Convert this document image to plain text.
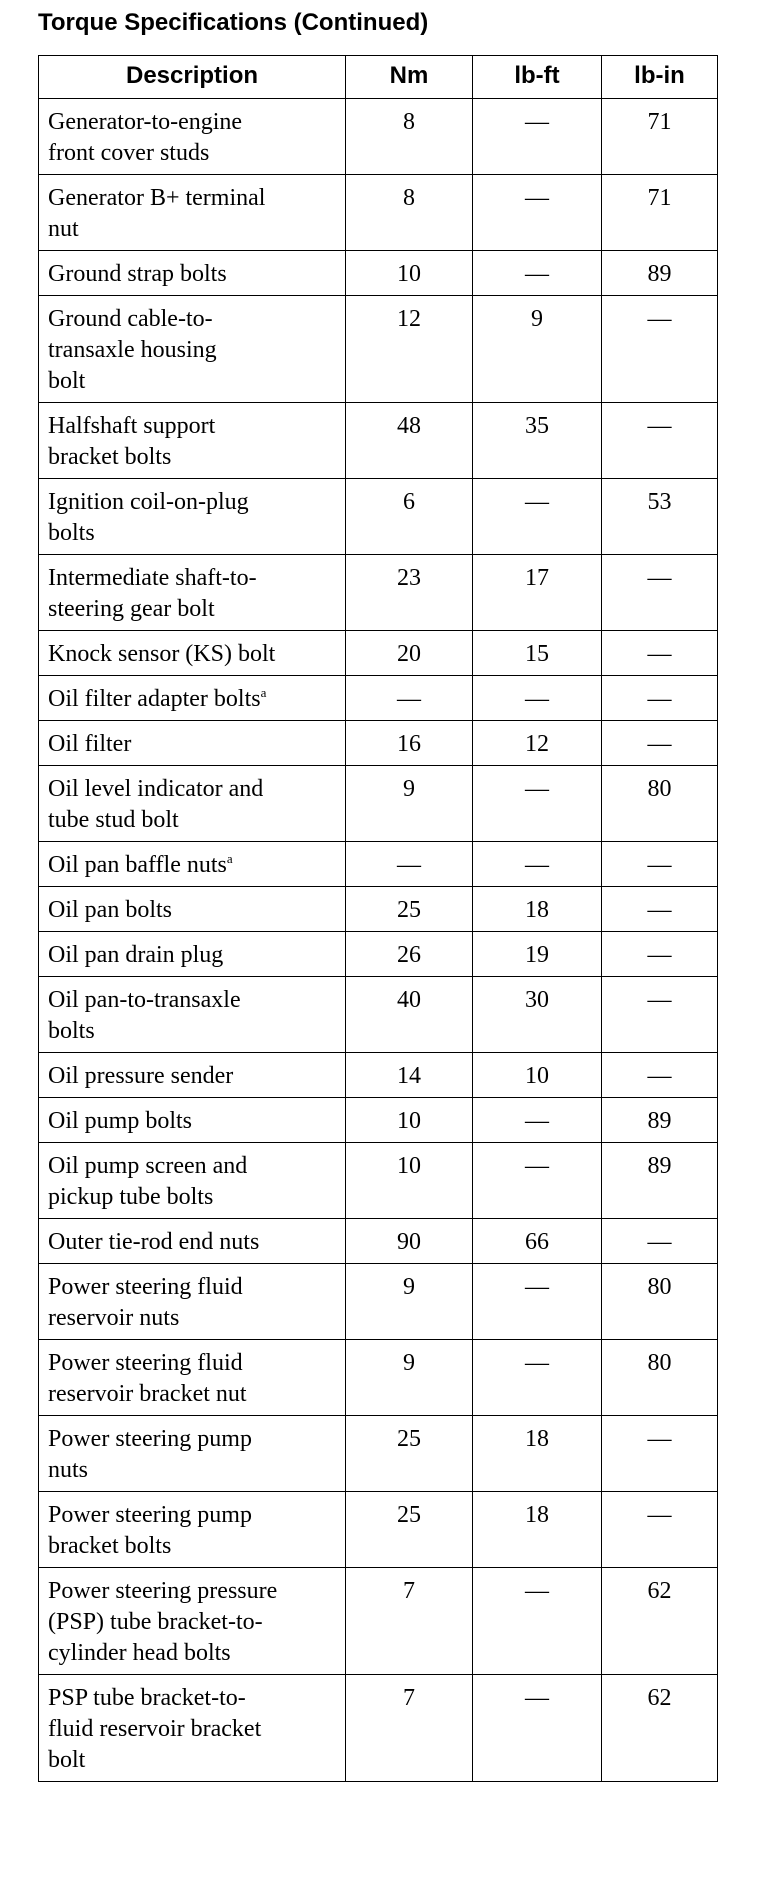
Torque Specifications (Continued)
Description	Nm	lb-ft	lb-in

Generator-to-engine front cover studs	8	—	71

Generator B+ terminal nut	8	—	71

Ground strap bolts	10	—	89

Ground cable-to-transaxle housing bolt	12	9	—

Halfshaft support bracket bolts	48	35	—

Ignition coil-on-plug bolts	6	—	53

Intermediate shaft-to-steering gear bolt	23	17	—

Knock sensor (KS) bolt	20	15	—

Oil filter adapter bolts$^a$	—	—	—

Oil filter	16	12	—

Oil level indicator and tube stud bolt	9	—	80

Oil pan baffle nuts$^a$	—	—	—

Oil pan bolts	25	18	—

Oil pan drain plug	26	19	—

Oil pan-to-transaxle bolts	40	30	—

Oil pressure sender	14	10	—

Oil pump bolts	10	—	89

Oil pump screen and pickup tube bolts	10	—	89

Outer tie-rod end nuts	90	66	—

Power steering fluid reservoir nuts	9	—	80

Power steering fluid reservoir bracket nut	9	—	80

Power steering pump nuts	25	18	—

Power steering pump bracket bolts	25	18	—

Power steering pressure (PSP) tube bracket-to-cylinder head bolts	7	—	62

PSP tube bracket-to-fluid reservoir bracket bolt	7	—	62
